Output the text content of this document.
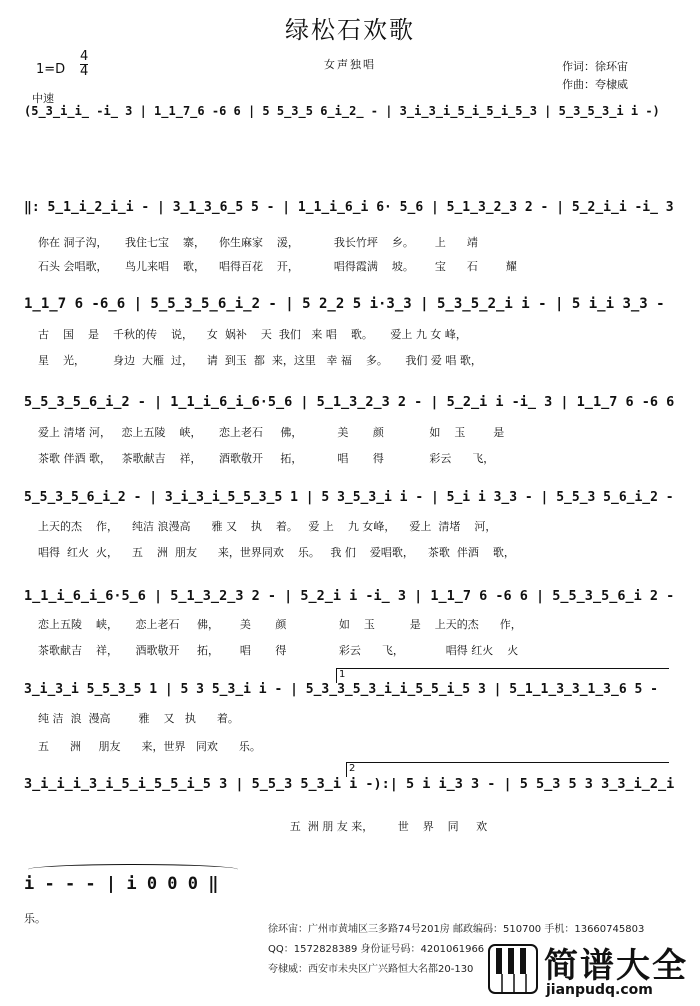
绿松石欢歌
女声独唱
1=D
4
4
中速
作词：徐环宙
作曲：夸棣威
(5̲3̲i̲i̲ -i̲ 3 | 1̲1̲7̲6 -6 6 | 5 5̲3̲5 6̲i̲2̲ - | 3̲i̲3̲i̲5̲i̲5̲i̲5̲3 | 5̲3̲5̲3̲i i -)
‖: 5̲1̲i̲2̲i̲i - | 3̲1̲3̲6̲5 5 - | 1̲1̲i̲6̲i 6· 5̲6 | 5̲1̲3̲2̲3 2 - | 5̲2̲i̲i -i̲ 3
你在 洞子沟，     我住七宝    寨，    你生麻家    湲，          我长竹坪    乡。      上      靖
石头 会唱歌，     鸟儿来唱    歌，    唱得百花    开，          唱得霞满    坡。      宝      石        耀
1̲1̲7 6 -6̲6 | 5̲5̲3̲5̲6̲i̲2 - | 5 2̲2 5 i·3̲3 | 5̲3̲5̲2̲i i - | 5 i̲i 3̲3 -
古    国    是    千秋的传    说，    女  娲补    天  我们   来 唱    歌。     爱上 九 女 峰，
星    光，        身边  大雁  过，    请  到玉  都  来，这里   幸 福    多。     我们 爱 唱 歌，
5̲5̲3̲5̲6̲i̲2 - | 1̲1̲i̲6̲i̲6·5̲6 | 5̲1̲3̲2̲3 2 - | 5̲2̲i i -i̲ 3 | 1̲1̲7 6 -6 6
爱上 清堵 河，   恋上五陵    峡，     恋上老石     佛，          美       颜             如    玉        是
茶歌 伴酒 歌，   茶歌献吉    祥，     酒歌敬开     拓，          唱       得             彩云      飞，
5̲5̲3̲5̲6̲i̲2 - | 3̲i̲3̲i̲5̲5̲3̲5 1 | 5 3̲5̲3̲i i - | 5̲i i 3̲3 - | 5̲5̲3 5̲6̲i̲2 -
上天的杰    作，    纯洁 浪漫高      雅 又    执    着。   爱 上    九 女峰，    爱上  清堵    河，
唱得  红火  火，    五    洲  朋友      来，世界同欢    乐。   我 们    爱唱歌，    茶歌  伴酒    歌，
1̲1̲i̲6̲i̲6·5̲6 | 5̲1̲3̲2̲3 2 - | 5̲2̲i i -i̲ 3 | 1̲1̲7 6 -6 6 | 5̲5̲3̲5̲6̲i 2 -
恋上五陵    峡，     恋上老石     佛，      美       颜               如    玉          是    上天的杰      作，
茶歌献吉    祥，     酒歌敬开     拓，      唱       得               彩云      飞，            唱得 红火    火
1
3̲i̲3̲i 5̲5̲3̲5 1 | 5 3 5̲3̲i i - | 5̲3̲3̲5̲3̲i̲i̲5̲5̲i̲5 3 | 5̲1̲1̲3̲3̲1̲3̲6 5 -
纯 洁  浪  漫高        雅    又   执      着。
五      洲     朋友      来，世界   同欢      乐。
2
3̲i̲i̲i̲3̲i̲5̲i̲5̲5̲i̲5 3 | 5̲5̲3 5̲3̲i i -):| 5 i i̲3 3 - | 5 5̲3 5 3 3̲3̲i̲2̲i
五  洲 朋 友 来，       世    界    同     欢
i - - - | i 0 0 0 ‖
乐。
徐环宙：广州市黄埔区三多路74号201房 邮政编码：510700 手机：13660745803
QQ：1572828389 身份证号码：4201061966
夸棣威：西安市未央区广兴路恒大名都20-130 简谱大全
jianpudq.com
